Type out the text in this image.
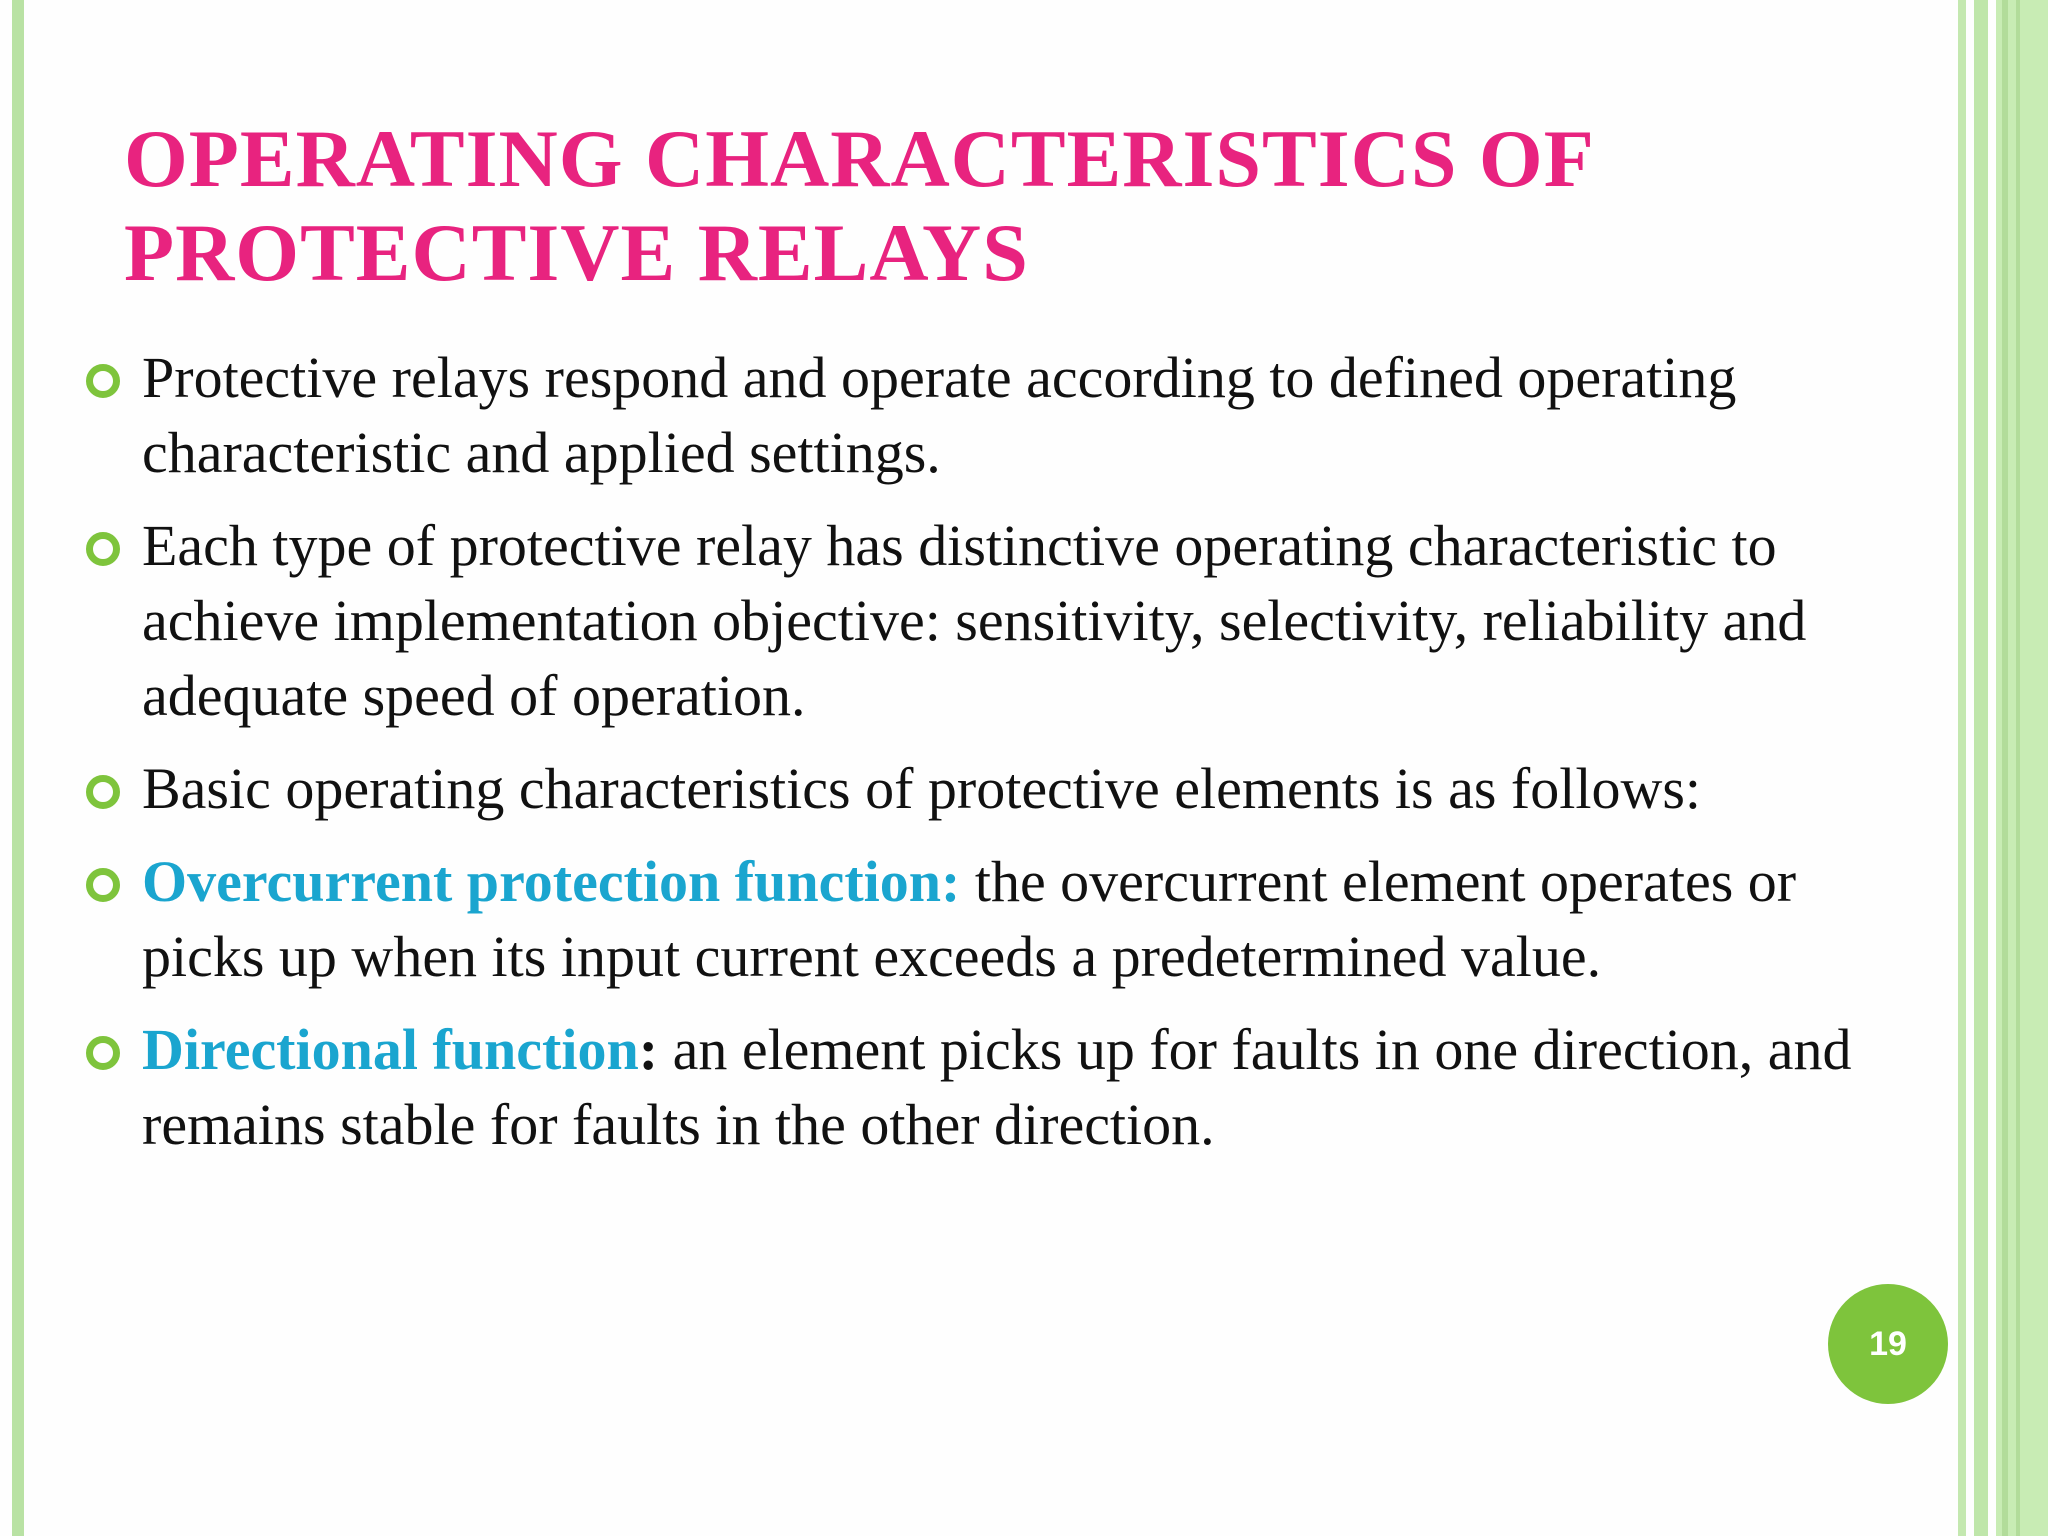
OPERATING CHARACTERISTICS OF PROTECTIVE RELAYS
Protective relays respond and operate according to defined operating characteristic and applied settings.
Each type of protective relay has distinctive operating characteristic to achieve implementation objective: sensitivity, selectivity, reliability and adequate speed of operation.
Basic operating characteristics of protective elements is as follows:
Overcurrent protection function: the overcurrent element operates or picks up when its input current exceeds a predetermined value.
Directional function: an element picks up for faults in one direction, and remains stable for faults in the other direction.
19
